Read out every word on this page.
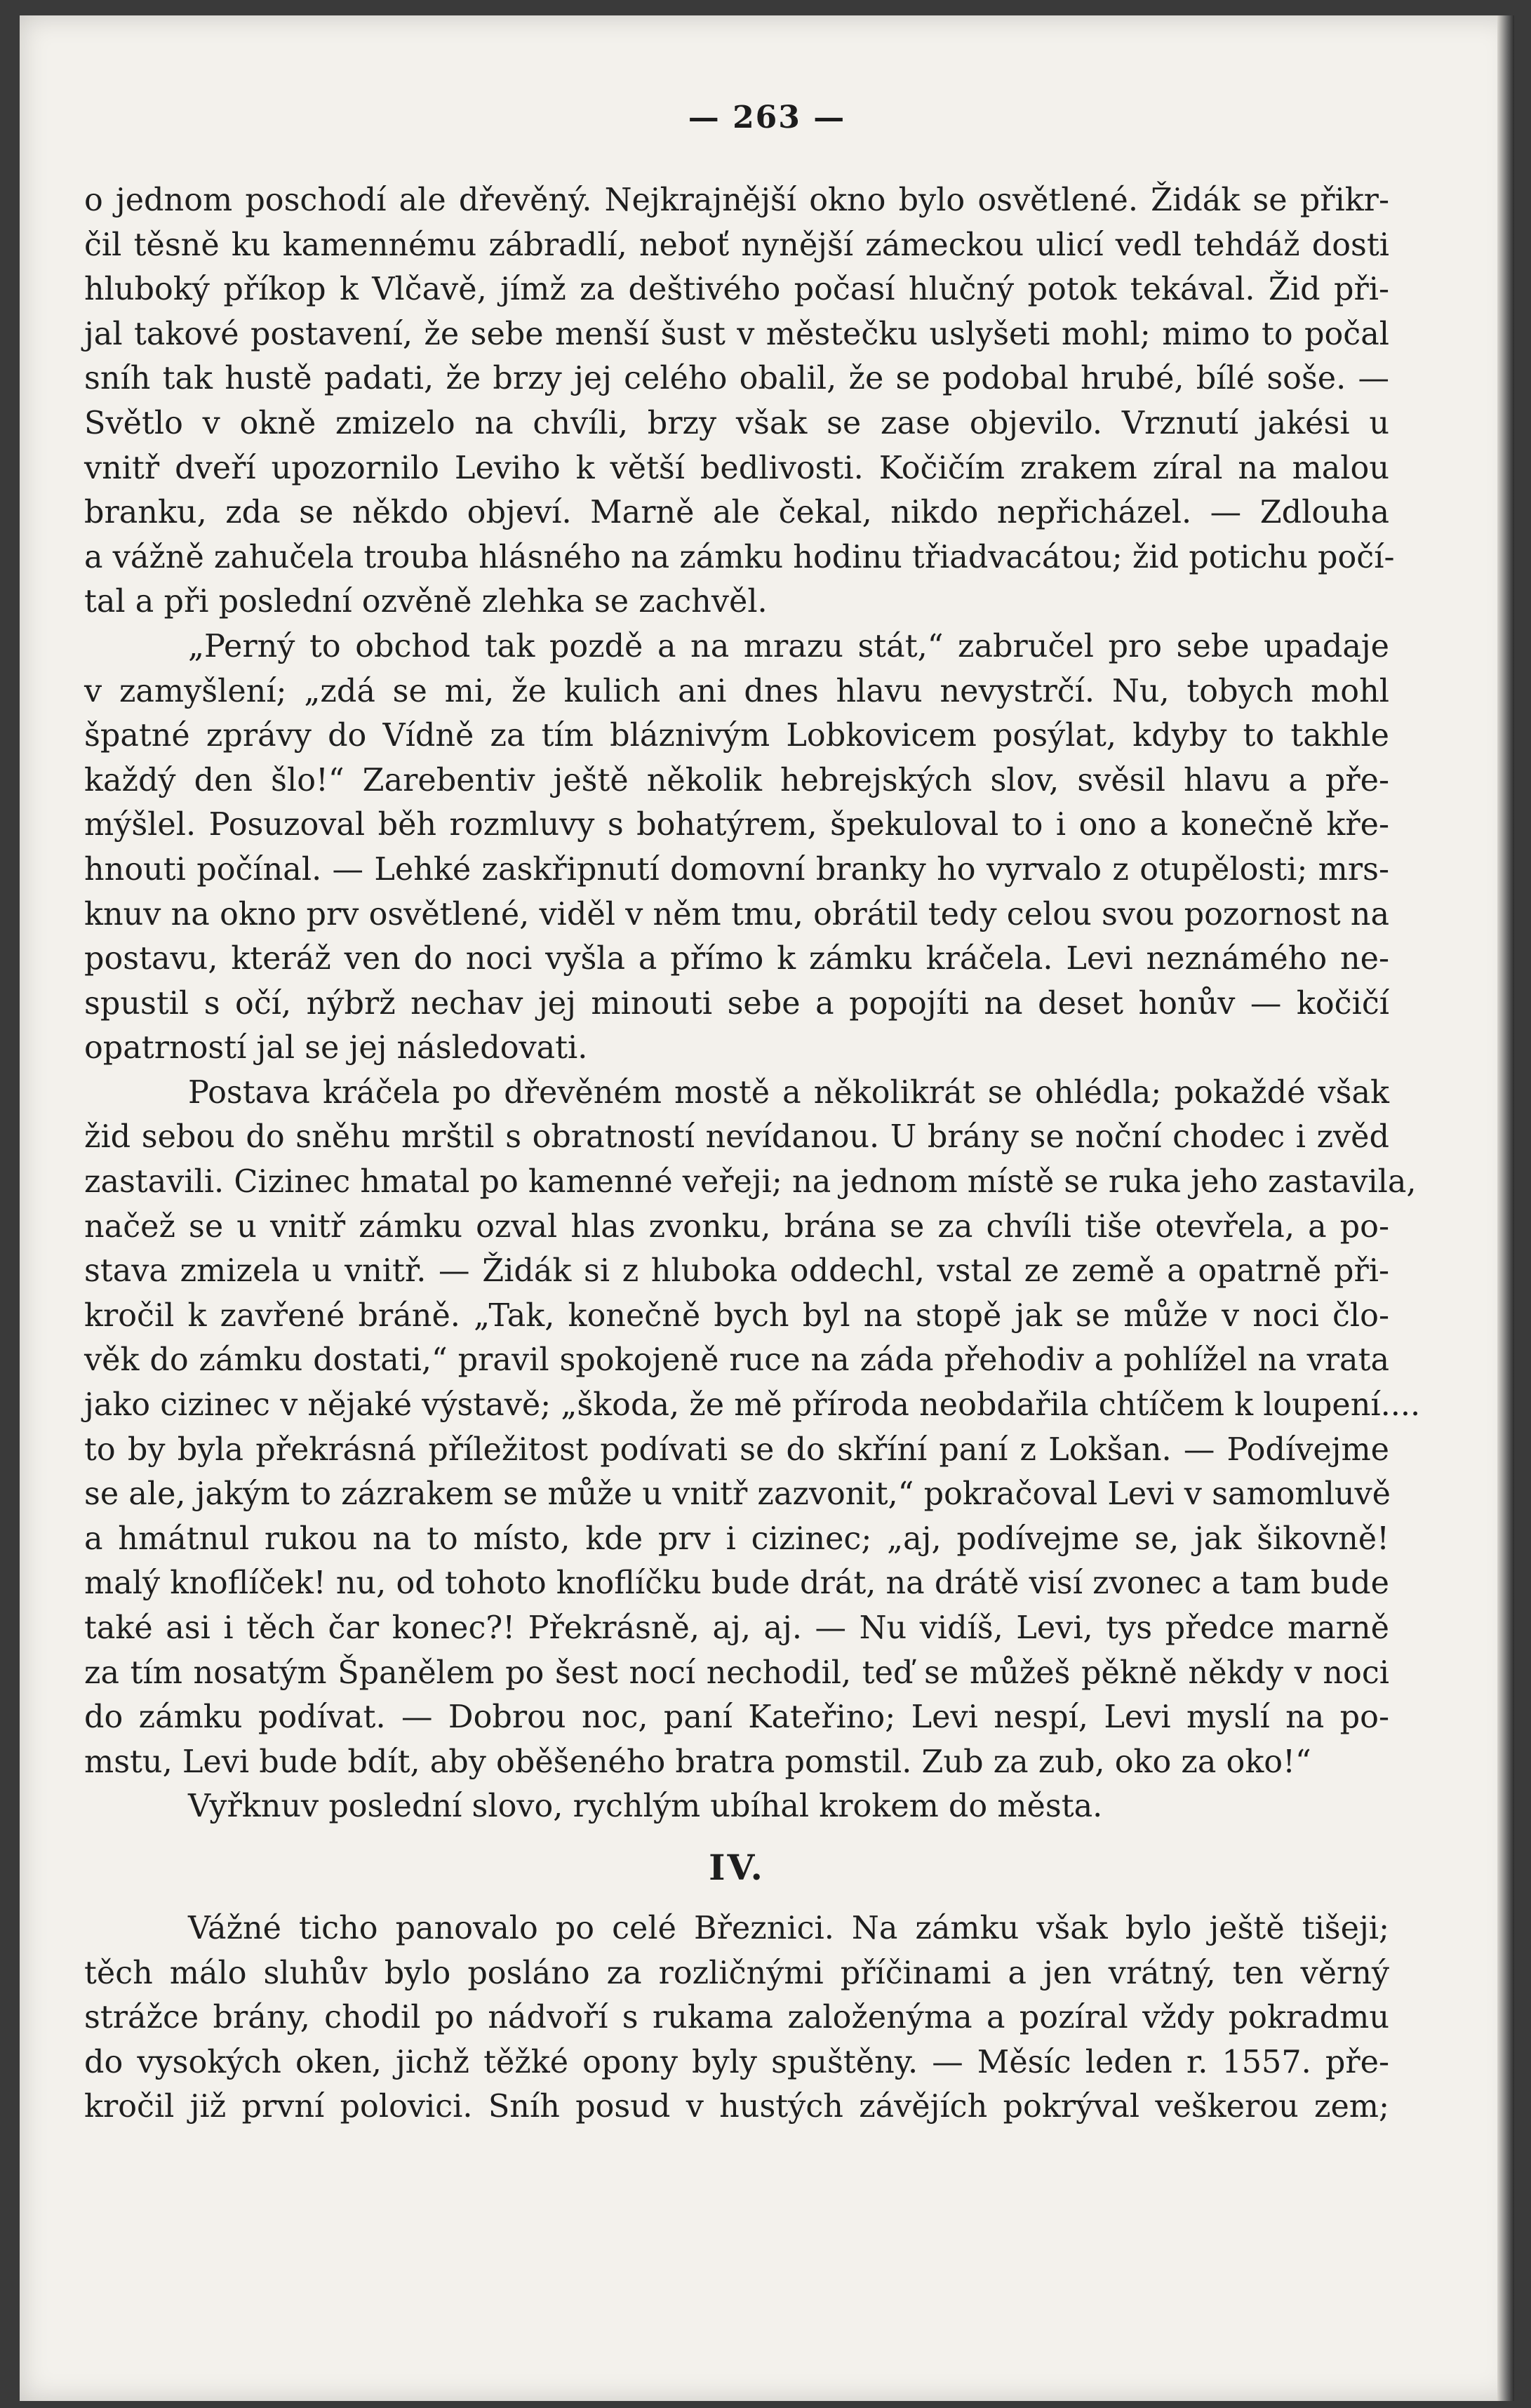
— 263 —
o jednom poschodí ale dřevěný. Nejkrajnější okno bylo osvětlené. Židák se přikr-
čil těsně ku kamennému zábradlí, neboť nynější zámeckou ulicí vedl tehdáž dosti
hluboký příkop k Vlčavě, jímž za deštivého počasí hlučný potok tekával. Žid při-
jal takové postavení, že sebe menší šust v městečku uslyšeti mohl; mimo to počal
sníh tak hustě padati, že brzy jej celého obalil, že se podobal hrubé, bílé soše. —
Světlo v okně zmizelo na chvíli, brzy však se zase objevilo. Vrznutí jakési u
vnitř dveří upozornilo Leviho k větší bedlivosti. Kočičím zrakem zíral na malou
branku, zda se někdo objeví. Marně ale čekal, nikdo nepřicházel. — Zdlouha
a vážně zahučela trouba hlásného na zámku hodinu třiadvacátou; žid potichu počí-
tal a při poslední ozvěně zlehka se zachvěl.
„Perný to obchod tak pozdě a na mrazu stát,“ zabručel pro sebe upadaje
v zamyšlení; „zdá se mi, že kulich ani dnes hlavu nevystrčí. Nu, tobych mohl
špatné zprávy do Vídně za tím bláznivým Lobkovicem posýlat, kdyby to takhle
každý den šlo!“ Zarebentiv ještě několik hebrejských slov, svěsil hlavu a pře-
mýšlel. Posuzoval běh rozmluvy s bohatýrem, špekuloval to i ono a konečně kře-
hnouti počínal. — Lehké zaskřipnutí domovní branky ho vyrvalo z otupělosti; mrs-
knuv na okno prv osvětlené, viděl v něm tmu, obrátil tedy celou svou pozornost na
postavu, kteráž ven do noci vyšla a přímo k zámku kráčela. Levi neznámého ne-
spustil s očí, nýbrž nechav jej minouti sebe a popojíti na deset honův — kočičí
opatrností jal se jej následovati.
Postava kráčela po dřevěném mostě a několikrát se ohlédla; pokaždé však
žid sebou do sněhu mrštil s obratností nevídanou. U brány se noční chodec i zvěd
zastavili. Cizinec hmatal po kamenné veřeji; na jednom místě se ruka jeho zastavila,
načež se u vnitř zámku ozval hlas zvonku, brána se za chvíli tiše otevřela, a po-
stava zmizela u vnitř. — Židák si z hluboka oddechl, vstal ze země a opatrně při-
kročil k zavřené bráně. „Tak, konečně bych byl na stopě jak se může v noci člo-
věk do zámku dostati,“ pravil spokojeně ruce na záda přehodiv a pohlížel na vrata
jako cizinec v nějaké výstavě; „škoda, že mě příroda neobdařila chtíčem k loupení....
to by byla překrásná příležitost podívati se do skříní paní z Lokšan. — Podívejme
se ale, jakým to zázrakem se může u vnitř zazvonit,“ pokračoval Levi v samomluvě
a hmátnul rukou na to místo, kde prv i cizinec; „aj, podívejme se, jak šikovně!
malý knoflíček! nu, od tohoto knoflíčku bude drát, na drátě visí zvonec a tam bude
také asi i těch čar konec?! Překrásně, aj, aj. — Nu vidíš, Levi, tys předce marně
za tím nosatým Španělem po šest nocí nechodil, teď se můžeš pěkně někdy v noci
do zámku podívat. — Dobrou noc, paní Kateřino; Levi nespí, Levi myslí na po-
mstu, Levi bude bdít, aby oběšeného bratra pomstil. Zub za zub, oko za oko!“
Vyřknuv poslední slovo, rychlým ubíhal krokem do města.
IV.
Vážné ticho panovalo po celé Březnici. Na zámku však bylo ještě tišeji;
těch málo sluhův bylo posláno za rozličnými příčinami a jen vrátný, ten věrný
strážce brány, chodil po nádvoří s rukama založenýma a pozíral vždy pokradmu
do vysokých oken, jichž těžké opony byly spuštěny. — Měsíc leden r. 1557. pře-
kročil již první polovici. Sníh posud v hustých závějích pokrýval veškerou zem;
